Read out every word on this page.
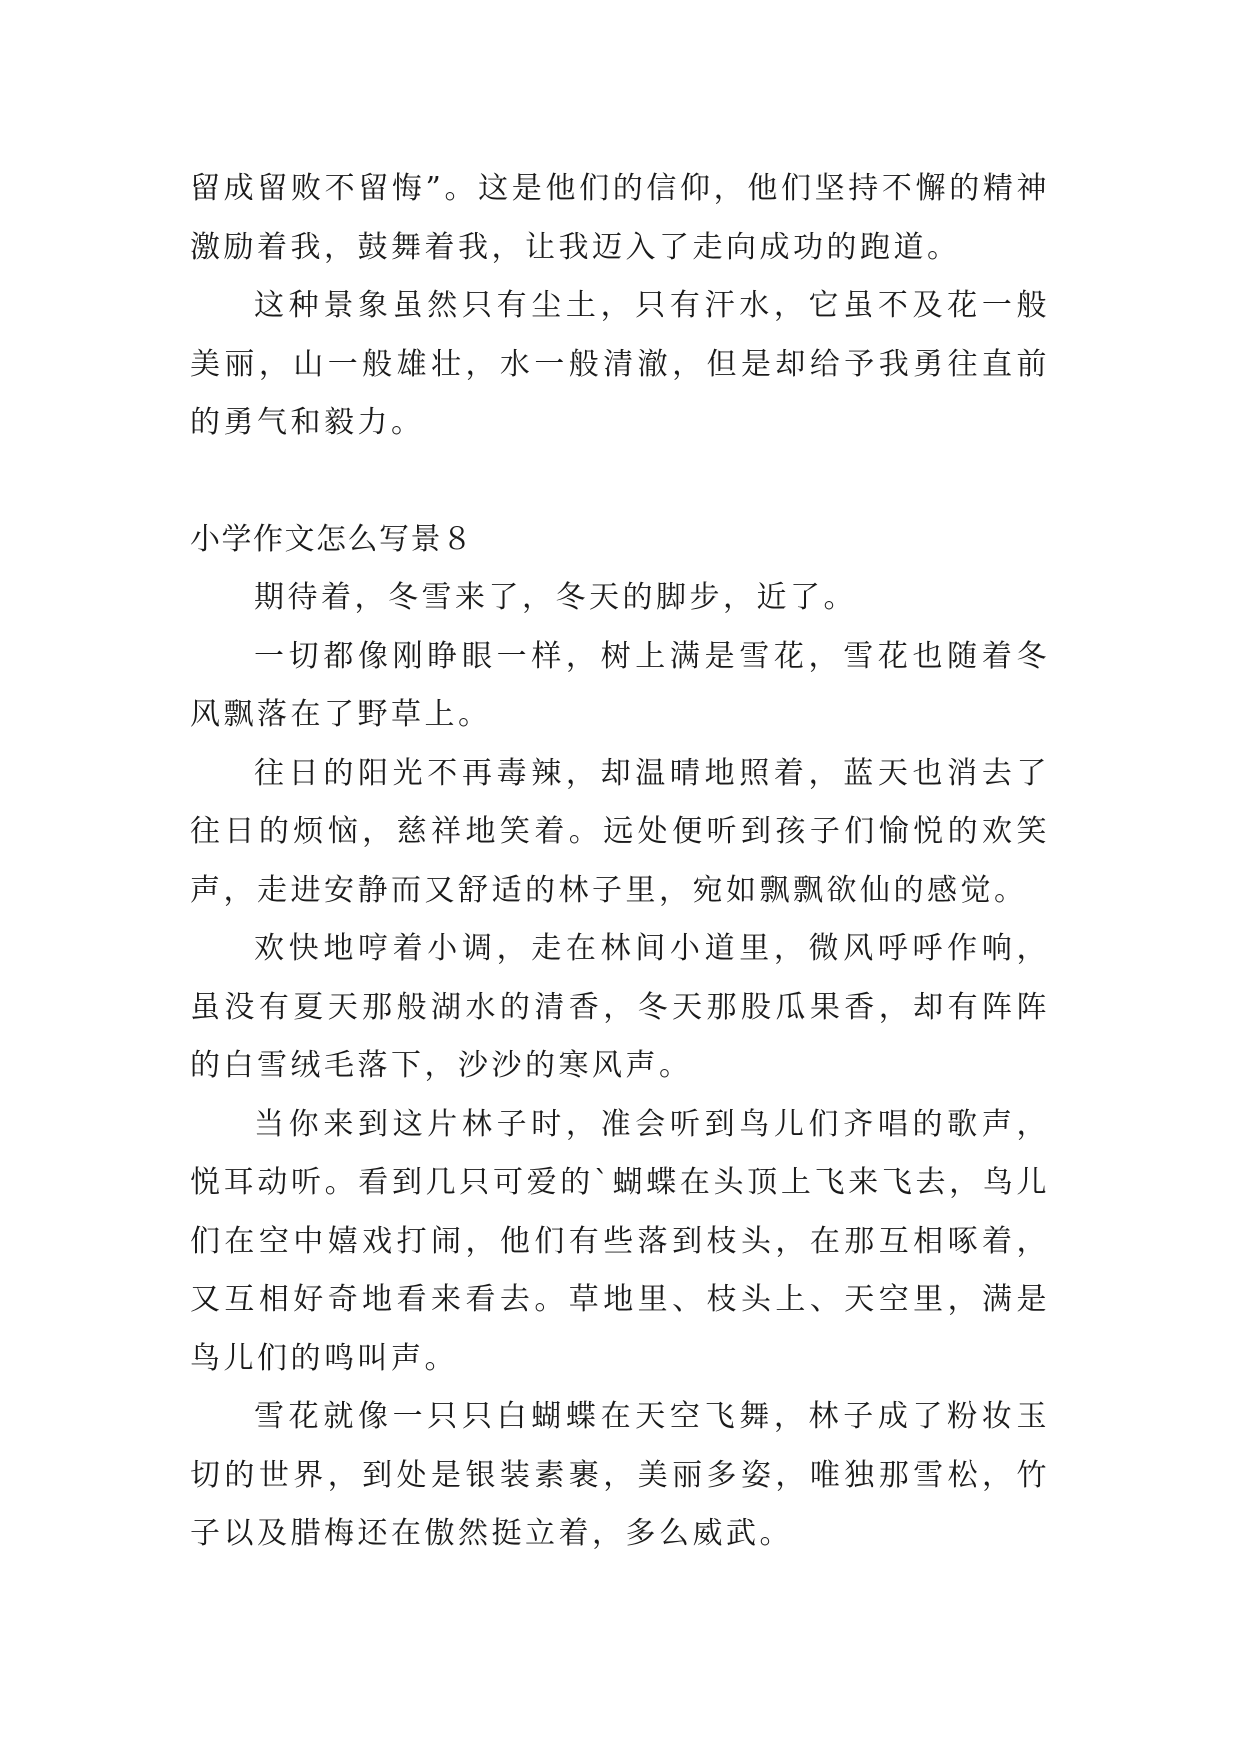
留成留败不留悔”。这是他们的信仰，他们坚持不懈的精神激励着我，鼓舞着我，让我迈入了走向成功的跑道。

这种景象虽然只有尘土，只有汗水，它虽不及花一般美丽，山一般雄壮，水一般清澈，但是却给予我勇往直前的勇气和毅力。

小学作文怎么写景８

期待着，冬雪来了，冬天的脚步，近了。

一切都像刚睁眼一样，树上满是雪花，雪花也随着冬风飘落在了野草上。

往日的阳光不再毒辣，却温晴地照着，蓝天也消去了往日的烦恼，慈祥地笑着。远处便听到孩子们愉悦的欢笑声，走进安静而又舒适的林子里，宛如飘飘欲仙的感觉。

欢快地哼着小调，走在林间小道里，微风呼呼作响，虽没有夏天那般湖水的清香，冬天那股瓜果香，却有阵阵的白雪绒毛落下，沙沙的寒风声。

当你来到这片林子时，准会听到鸟儿们齐唱的歌声，悦耳动听。看到几只可爱的`蝴蝶在头顶上飞来飞去，鸟儿们在空中嬉戏打闹，他们有些落到枝头，在那互相啄着，又互相好奇地看来看去。草地里、枝头上、天空里，满是鸟儿们的鸣叫声。

雪花就像一只只白蝴蝶在天空飞舞，林子成了粉妆玉切的世界，到处是银装素裹，美丽多姿，唯独那雪松，竹子以及腊梅还在傲然挺立着，多么威武。
